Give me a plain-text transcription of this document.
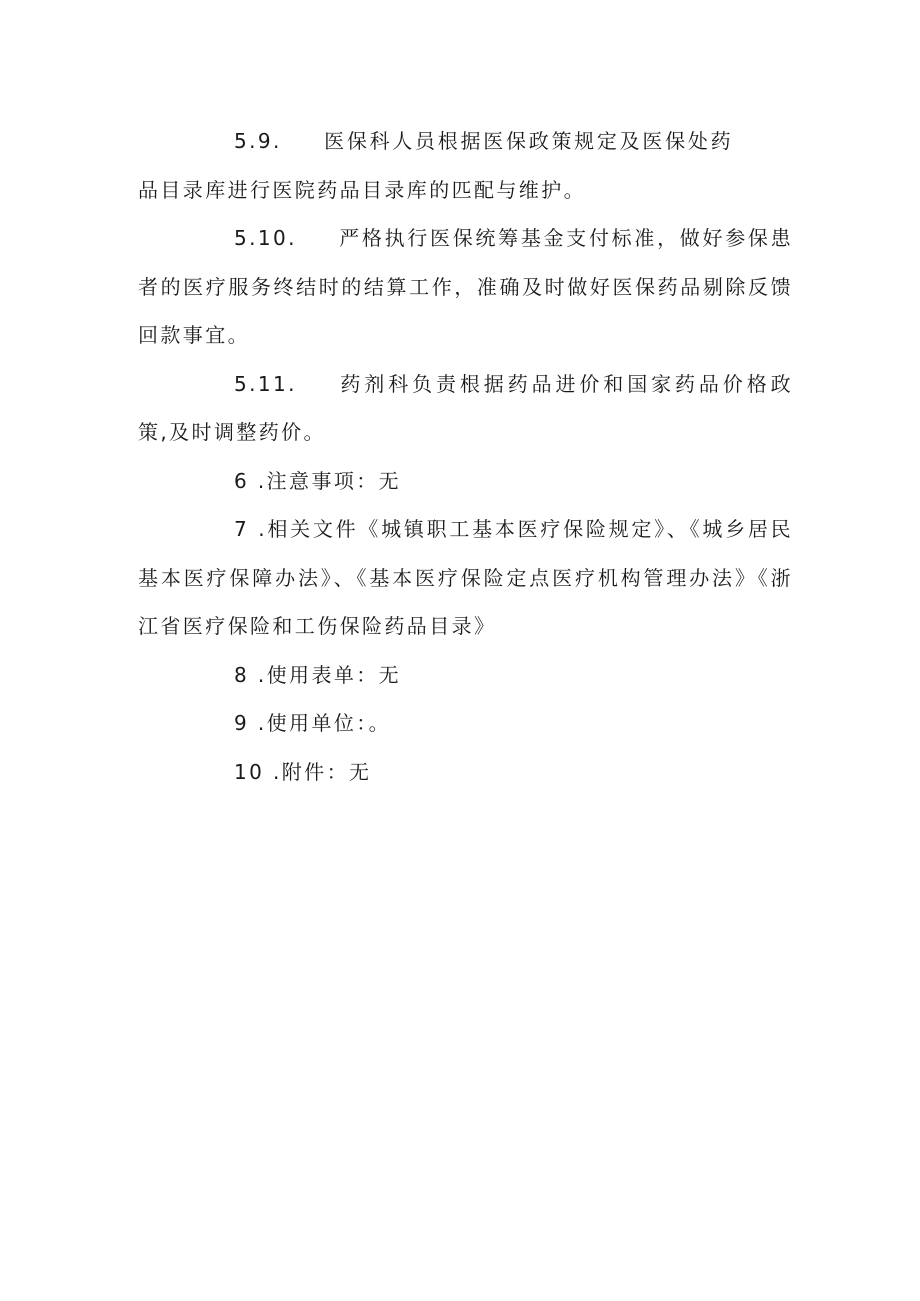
5.9. 医保科人员根据医保政策规定及医保处药品目录库进行医院药品目录库的匹配与维护。

5.10. 严格执行医保统筹基金支付标准，做好参保患者的医疗服务终结时的结算工作，准确及时做好医保药品剔除反馈回款事宜。

5.11. 药剂科负责根据药品进价和国家药品价格政策,及时调整药价。

6 .注意事项：无

7 .相关文件《城镇职工基本医疗保险规定》、《城乡居民基本医疗保障办法》、《基本医疗保险定点医疗机构管理办法》《浙江省医疗保险和工伤保险药品目录》

8 .使用表单：无

9 .使用单位：。

10 .附件：无
